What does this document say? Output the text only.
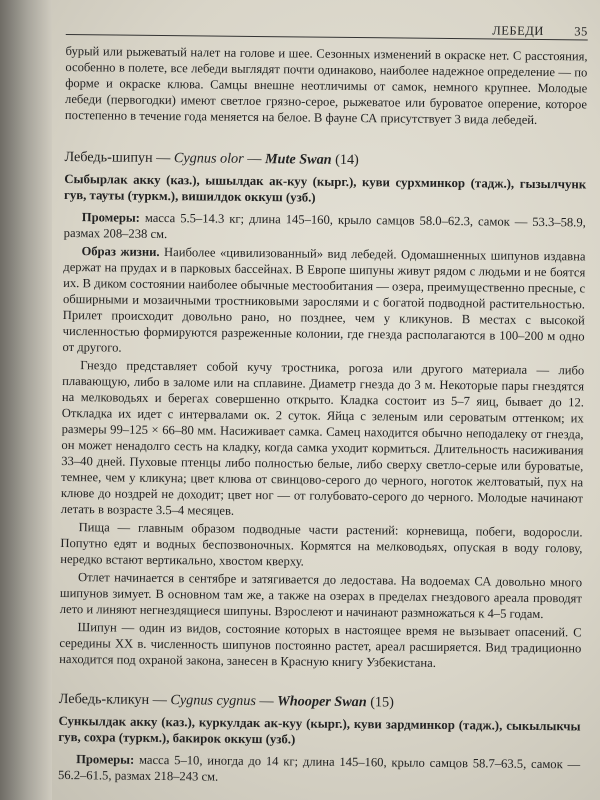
ЛЕБЕДИ 35

бурый или рыжеватый налет на голове и шее. Сезонных изменений в окраске нет. С расстояния, особенно в полете, все лебеди выглядят почти одинаково, наиболее надежное определение — по форме и окраске клюва. Самцы внешне неотличимы от самок, немного крупнее. Молодые лебеди (первогодки) имеют светлое грязно-серое, рыжеватое или буроватое оперение, которое постепенно в течение года меняется на белое. В фауне СА присутствует 3 вида лебедей.

Лебедь-шипун — Cygnus olor — Mute Swan (14)

Сыбырлак акку (каз.), ышылдак ак-куу (кырг.), куви сурхминкор (тадж.), гызылчунк гув, тауты (туркм.), вишилдок оккуш (узб.)

Промеры: масса 5.5–14.3 кг; длина 145–160, крыло самцов 58.0–62.3, самок — 53.3–58.9, размах 208–238 см.

Образ жизни. Наиболее «цивилизованный» вид лебедей. Одомашненных шипунов издавна держат на прудах и в парковых бассейнах. В Европе шипуны живут рядом с людьми и не боятся их. В диком состоянии наиболее обычные местообитания — озера, преимущественно пресные, с обширными и мозаичными тростниковыми зарослями и с богатой подводной растительностью. Прилет происходит довольно рано, но позднее, чем у кликунов. В местах с высокой численностью формируются разреженные колонии, где гнезда располагаются в 100–200 м одно от другого.

Гнездо представляет собой кучу тростника, рогоза или другого материала — либо плавающую, либо в заломе или на сплавине. Диаметр гнезда до 3 м. Некоторые пары гнездятся на мелководьях и берегах совершенно открыто. Кладка состоит из 5–7 яиц, бывает до 12. Откладка их идет с интервалами ок. 2 суток. Яйца с зеленым или сероватым оттенком; их размеры 99–125 × 66–80 мм. Насиживает самка. Самец находится обычно неподалеку от гнезда, он может ненадолго сесть на кладку, когда самка уходит кормиться. Длительность насиживания 33–40 дней. Пуховые птенцы либо полностью белые, либо сверху светло-серые или буроватые, темнее, чем у кликуна; цвет клюва от свинцово-серого до черного, ноготок желтоватый, пух на клюве до ноздрей не доходит; цвет ног — от голубовато-серого до черного. Молодые начинают летать в возрасте 3.5–4 месяцев.

Пища — главным образом подводные части растений: корневища, побеги, водоросли. Попутно едят и водных беспозвоночных. Кормятся на мелководьях, опуская в воду голову, нередко встают вертикально, хвостом кверху.

Отлет начинается в сентябре и затягивается до ледостава. На водоемах СА довольно много шипунов зимует. В основном там же, а также на озерах в пределах гнездового ареала проводят лето и линяют негнездящиеся шипуны. Взрослеют и начинают размножаться к 4–5 годам.

Шипун — один из видов, состояние которых в настоящее время не вызывает опасений. С середины XX в. численность шипунов постоянно растет, ареал расширяется. Вид традиционно находится под охраной закона, занесен в Красную книгу Узбекистана.

Лебедь-кликун — Cygnus cygnus — Whooper Swan (15)

Сункылдак акку (каз.), куркулдак ак-куу (кырг.), куви зардминкор (тадж.), сыкылыкчы гув, сохра (туркм.), бакирок оккуш (узб.)

Промеры: масса 5–10, иногда до 14 кг; длина 145–160, крыло самцов 58.7–63.5, самок — 56.2–61.5, размах 218–243 см.
